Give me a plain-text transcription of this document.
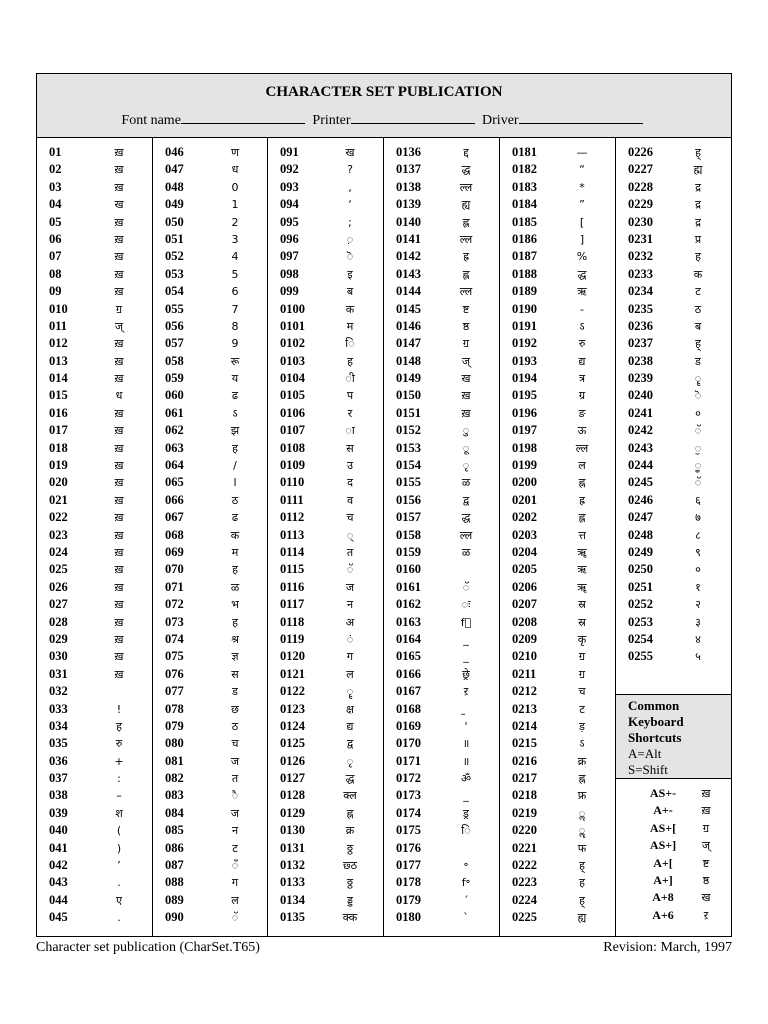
CHARACTER SET PUBLICATION
Font name	Printer	Driver
01	ख़
02	ख़
03	ख़
04	ख
05	ख़
06	ख़
07	ख़
08	ख़
09	ख़
010	ॻ
011	ज्
012	ख़
013	ख़
014	ख़
015	ध
016	ख़
017	ख़
018	ख़
019	ख़
020	ख़
021	ख़
022	ख़
023	ख़
024	ख़
025	ख़
026	ख़
027	ख़
028	ख़
029	ख़
030	ख़
031	ख़
032
033	!
034	ह
035	रु
036	+
037	:
038	–
039	श
040	(
041	)
042	’
043	.
044	ए
045	.
046	ण
047	ध
048	0
049	1
050	2
051	3
052	4
053	5
054	6
055	7
056	8
057	9
058	रू
059	य
060	ढ
061	ऽ
062	झ
063	ह
064	/
065	l
066	ठ
067	ढ
068	क
069	म
070	ह
071	ळ
072	भ
073	ह
074	श्र
075	ज्ञ
076	स
077	ड
078	छ
079	ठ
080	च
081	ज
082	त
083	ै
084	ज
085	न
086	ट
087	ँ
088	ग
089	ल
090	ॅ
091	ख
092	?
093	,
094	‘
095	;
096	़
097	ॆ
098	इ
099	ब
0100	क
0101	म
0102	ि
0103	ह
0104	ी
0105	प
0106	र
0107	ा
0108	स
0109	उ
0110	द
0111	व
0112	च
0113	्
0114	त
0115	ॅ
0116	ज
0117	न
0118	अ
0119	ं
0120	ग
0121	ल
0122	ॄ
0123	क्ष
0124	द्य
0125	द्व
0126	ृ
0127	द्ध
0128	क्ल
0129	ह्न
0130	क्र
0131	ठ्ठ
0132	छ्ठ
0133	ठ्ठ
0134	ड्ड
0135	क्क
0136	द्द
0137	द्ध
0138	ल्ल
0139	ह्य
0140	ह्ल
0141	ल्ल
0142	ह्र
0143	ह्ल
0144	ल्ल
0145	ष्ट
0146	ष्ठ
0147	ॻ
0148	ज्
0149	ख
0150	ख़
0151	ख़
0152	ु
0153	ू
0154	ृ
0155	ळ
0156	द्व
0157	द्ध
0158	ल्ल
0159	ळ
0160
0161	ॅ
0162	ः
0163	f॔
0164	_
0165	_
0166	छ्रे
0167	ऱ
0168
0169	'
0170	॥
0171	॥
0172	ॐ
0173	_
0174	ड्र
0175	ि
0176
0177	॰
0178	f॰
0179	´
0180	`
0181	—
0182	“
0183	*
0184	”
0185	[
0186	]
0187	%
0188	द्ध
0189	ऋ
0190	-
0191	ऽ
0192	रु
0193	द्य
0194	त्र
0195	ग्र
0196	ङ
0197	ऊ
0198	ल्ल
0199	ल
0200	ह्न
0201	ह्र
0202	ह्ल
0203	त्त
0204	ॠ
0205	ऋ
0206	ॠ
0207	स्र
0208	स्र
0209	कृ
0210	ॻ
0211	ॻ
0212	च
0213	ट
0214	ड़
0215	ऽ
0216	क्र
0217	ह्न
0218	फ्र
0219	ॢ
0220	ॣ
0221	फ
0222	ह्
0223	ह
0224	ह्
0225	ह्य
0226	ह्
0227	ह्म
0228	द्र
0229	द्र
0230	द्र
0231	प्र
0232	ह
0233	क
0234	ट
0235	ठ
0236	ब
0237	ह्
0238	ड
0239	ॄ
0240	ॆ
0241	०
0242	ॅ
0243	ॖ
0244	ॗ
0245	ॅ
0246	६
0247	७
0248	८
0249	९
0250	०
0251	१
0252	२
0253	३
0254	४
0255	५
Common
Keyboard
Shortcuts
A=Alt
S=Shift
AS+-	ख़
A+-	ख़
AS+[	ॻ
AS+]	ज्
A+[	ष्ट
A+]	ष्ठ
A+8	ख
A+6	ऱ
Character set publication (CharSet.T65)	Revision: March, 1997
